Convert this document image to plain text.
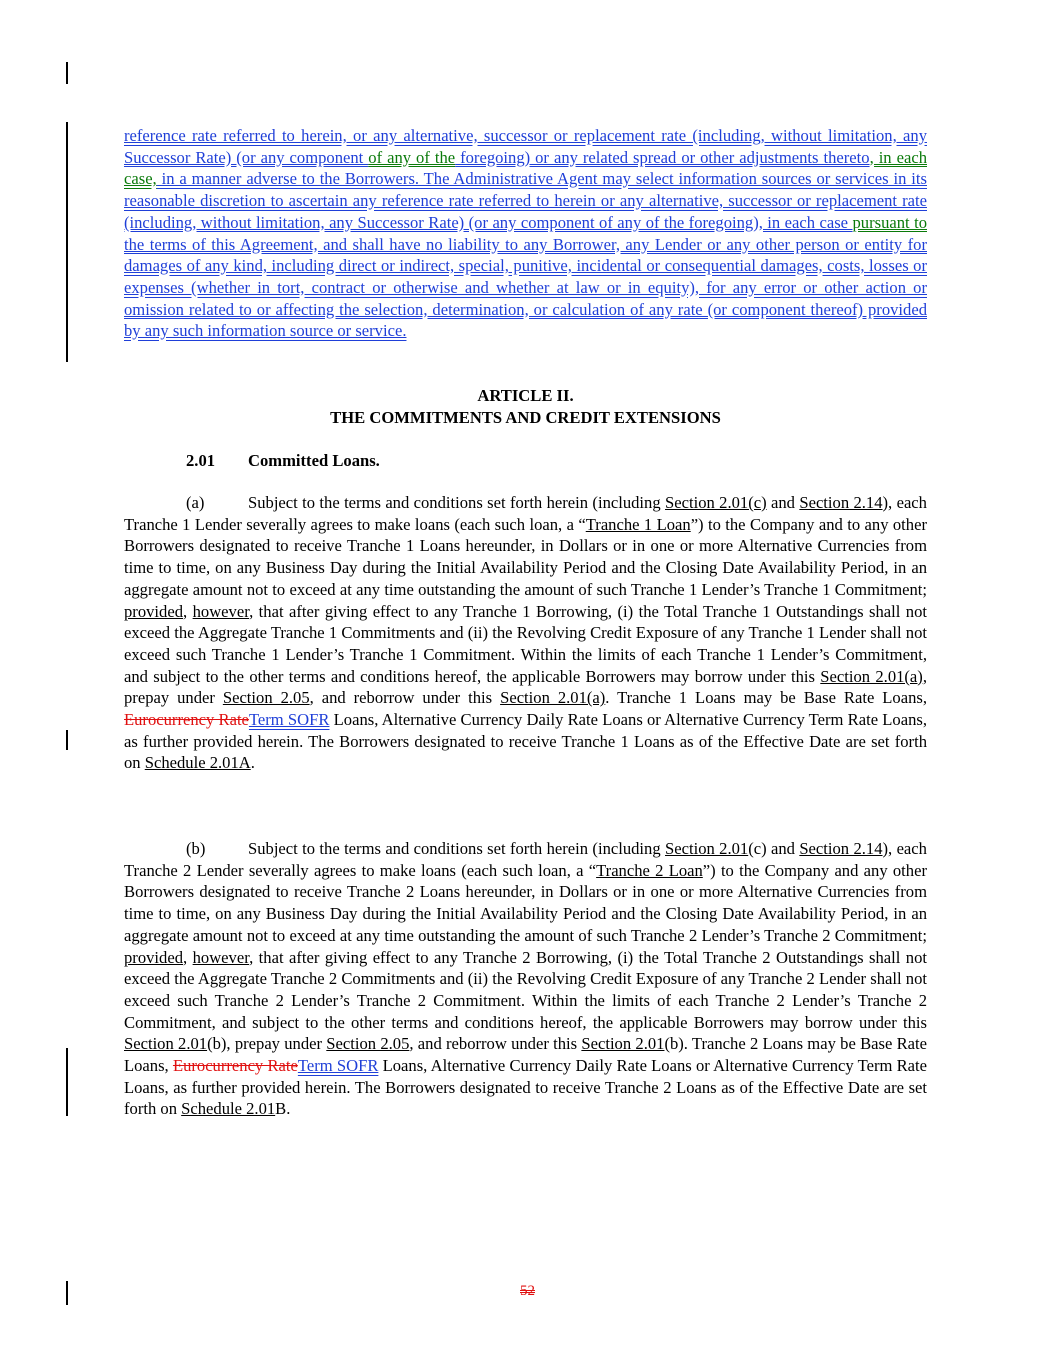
reference rate referred to herein, or any alternative, successor or replacement rate (including, without limitation, any Successor Rate) (or any component of any of the foregoing) or any related spread or other adjustments thereto, in each case, in a manner adverse to the Borrowers. The Administrative Agent may select information sources or services in its reasonable discretion to ascertain any reference rate referred to herein or any alternative, successor or replacement rate (including, without limitation, any Successor Rate) (or any component of any of the foregoing), in each case pursuant to the terms of this Agreement, and shall have no liability to any Borrower, any Lender or any other person or entity for damages of any kind, including direct or indirect, special, punitive, incidental or consequential damages, costs, losses or expenses (whether in tort, contract or otherwise and whether at law or in equity), for any error or other action or omission related to or affecting the selection, determination, or calculation of any rate (or component thereof) provided by any such information source or service.
ARTICLE II.
THE COMMITMENTS AND CREDIT EXTENSIONS
2.01 Committed Loans.
(a)	Subject to the terms and conditions set forth herein (including Section 2.01(c) and Section 2.14), each Tranche 1 Lender severally agrees to make loans (each such loan, a “Tranche 1 Loan”) to the Company and to any other Borrowers designated to receive Tranche 1 Loans hereunder, in Dollars or in one or more Alternative Currencies from time to time, on any Business Day during the Initial Availability Period and the Closing Date Availability Period, in an aggregate amount not to exceed at any time outstanding the amount of such Tranche 1 Lender’s Tranche 1 Commitment; provided, however, that after giving effect to any Tranche 1 Borrowing, (i) the Total Tranche 1 Outstandings shall not exceed the Aggregate Tranche 1 Commitments and (ii) the Revolving Credit Exposure of any Tranche 1 Lender shall not exceed such Tranche 1 Lender’s Tranche 1 Commitment. Within the limits of each Tranche 1 Lender’s Commitment, and subject to the other terms and conditions hereof, the applicable Borrowers may borrow under this Section 2.01(a), prepay under Section 2.05, and reborrow under this Section 2.01(a). Tranche 1 Loans may be Base Rate Loans, Eurocurrency RateTerm SOFR Loans, Alternative Currency Daily Rate Loans or Alternative Currency Term Rate Loans, as further provided herein. The Borrowers designated to receive Tranche 1 Loans as of the Effective Date are set forth on Schedule 2.01A.
(b)	Subject to the terms and conditions set forth herein (including Section 2.01(c) and Section 2.14), each Tranche 2 Lender severally agrees to make loans (each such loan, a “Tranche 2 Loan”) to the Company and any other Borrowers designated to receive Tranche 2 Loans hereunder, in Dollars or in one or more Alternative Currencies from time to time, on any Business Day during the Initial Availability Period and the Closing Date Availability Period, in an aggregate amount not to exceed at any time outstanding the amount of such Tranche 2 Lender’s Tranche 2 Commitment; provided, however, that after giving effect to any Tranche 2 Borrowing, (i) the Total Tranche 2 Outstandings shall not exceed the Aggregate Tranche 2 Commitments and (ii) the Revolving Credit Exposure of any Tranche 2 Lender shall not exceed such Tranche 2 Lender’s Tranche 2 Commitment. Within the limits of each Tranche 2 Lender’s Tranche 2 Commitment, and subject to the other terms and conditions hereof, the applicable Borrowers may borrow under this Section 2.01(b), prepay under Section 2.05, and reborrow under this Section 2.01(b). Tranche 2 Loans may be Base Rate Loans, Eurocurrency RateTerm SOFR Loans, Alternative Currency Daily Rate Loans or Alternative Currency Term Rate Loans, as further provided herein. The Borrowers designated to receive Tranche 2 Loans as of the Effective Date are set forth on Schedule 2.01B.
52
